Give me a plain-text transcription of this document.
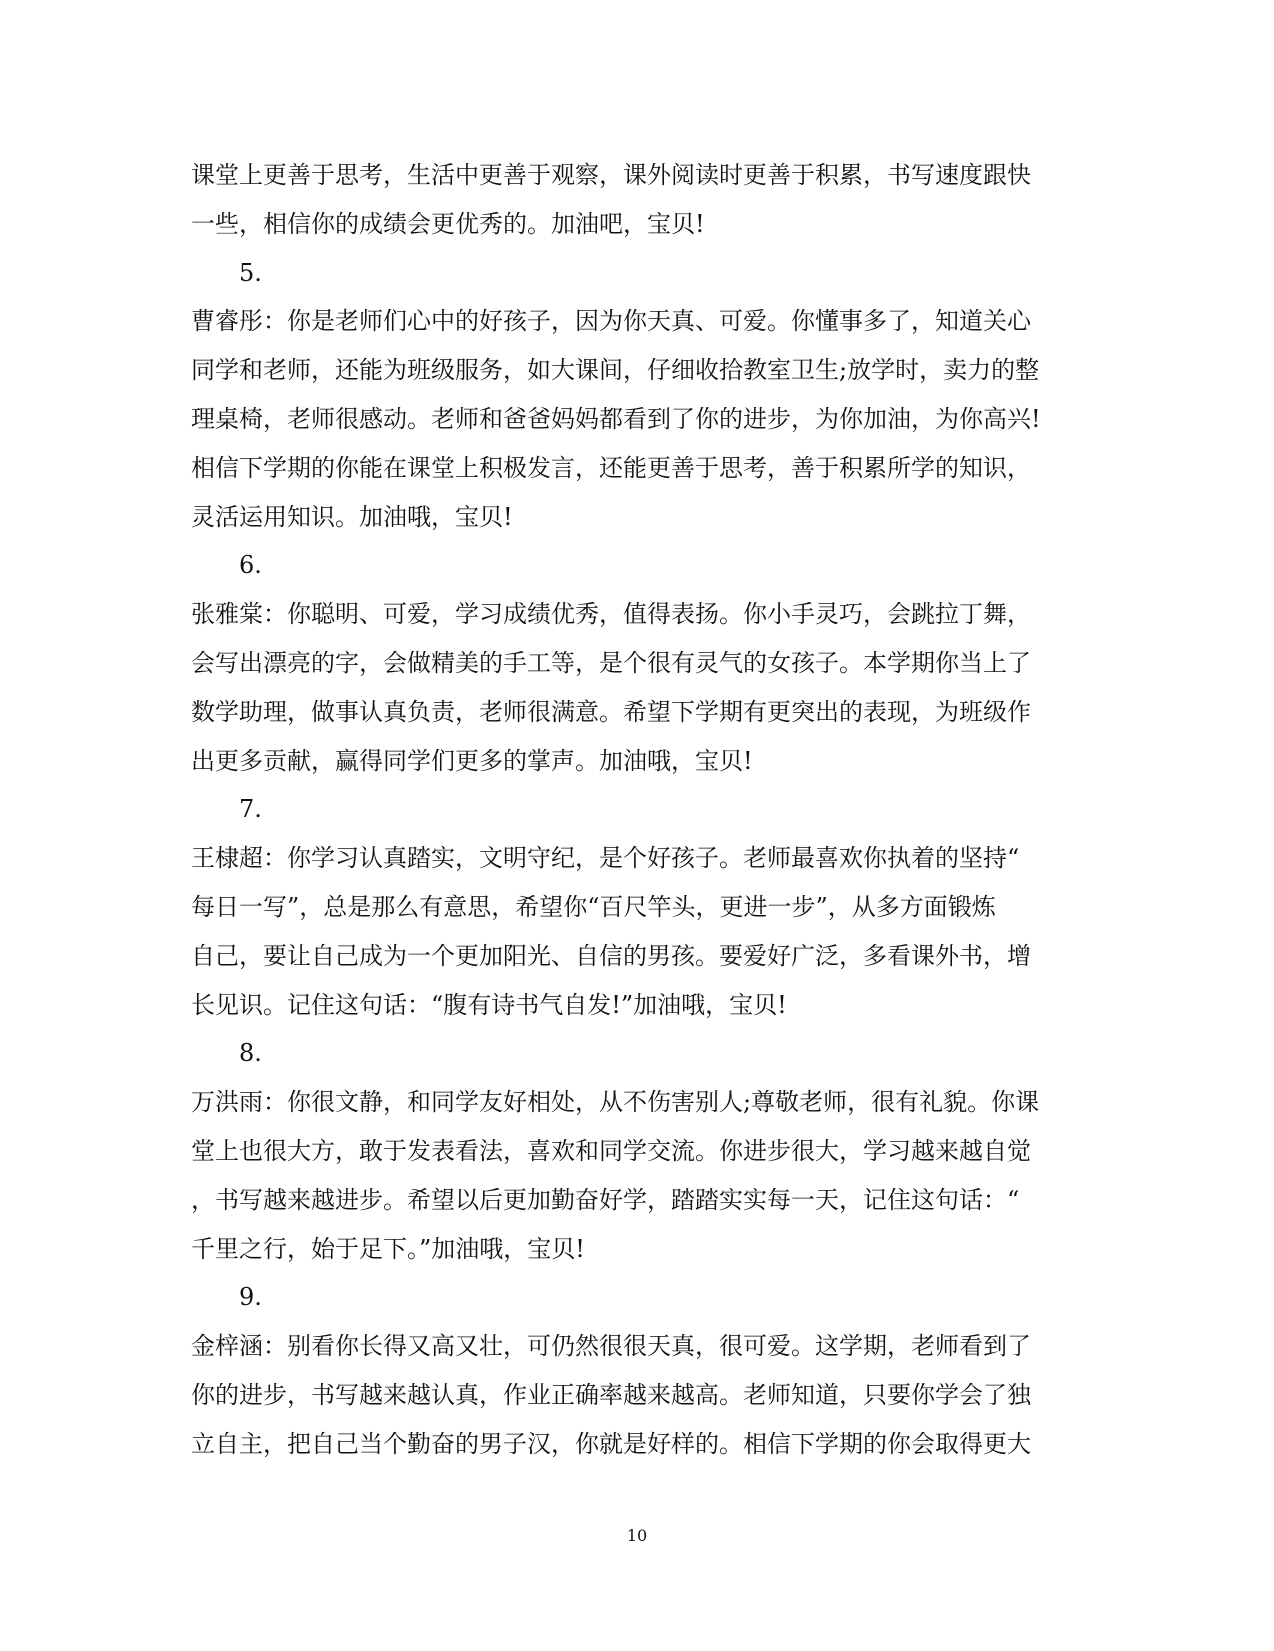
课堂上更善于思考，生活中更善于观察，课外阅读时更善于积累，书写速度跟快
一些，相信你的成绩会更优秀的。加油吧，宝贝!
5.
曹睿彤：你是老师们心中的好孩子，因为你天真、可爱。你懂事多了，知道关心
同学和老师，还能为班级服务，如大课间，仔细收拾教室卫生;放学时，卖力的整
理桌椅，老师很感动。老师和爸爸妈妈都看到了你的进步，为你加油，为你高兴!
相信下学期的你能在课堂上积极发言，还能更善于思考，善于积累所学的知识，
灵活运用知识。加油哦，宝贝!
6.
张雅棠：你聪明、可爱，学习成绩优秀，值得表扬。你小手灵巧，会跳拉丁舞，
会写出漂亮的字，会做精美的手工等，是个很有灵气的女孩子。本学期你当上了
数学助理，做事认真负责，老师很满意。希望下学期有更突出的表现，为班级作
出更多贡献，赢得同学们更多的掌声。加油哦，宝贝!
7.
王棣超：你学习认真踏实，文明守纪，是个好孩子。老师最喜欢你执着的坚持“
每日一写”，总是那么有意思，希望你“百尺竿头，更进一步”，从多方面锻炼
自己，要让自己成为一个更加阳光、自信的男孩。要爱好广泛，多看课外书，增
长见识。记住这句话：“腹有诗书气自发!”加油哦，宝贝!
8.
万洪雨：你很文静，和同学友好相处，从不伤害别人;尊敬老师，很有礼貌。你课
堂上也很大方，敢于发表看法，喜欢和同学交流。你进步很大，学习越来越自觉
，书写越来越进步。希望以后更加勤奋好学，踏踏实实每一天，记住这句话：“
千里之行，始于足下。”加油哦，宝贝!
9.
金梓涵：别看你长得又高又壮，可仍然很很天真，很可爱。这学期，老师看到了
你的进步，书写越来越认真，作业正确率越来越高。老师知道，只要你学会了独
立自主，把自己当个勤奋的男子汉，你就是好样的。相信下学期的你会取得更大
10
